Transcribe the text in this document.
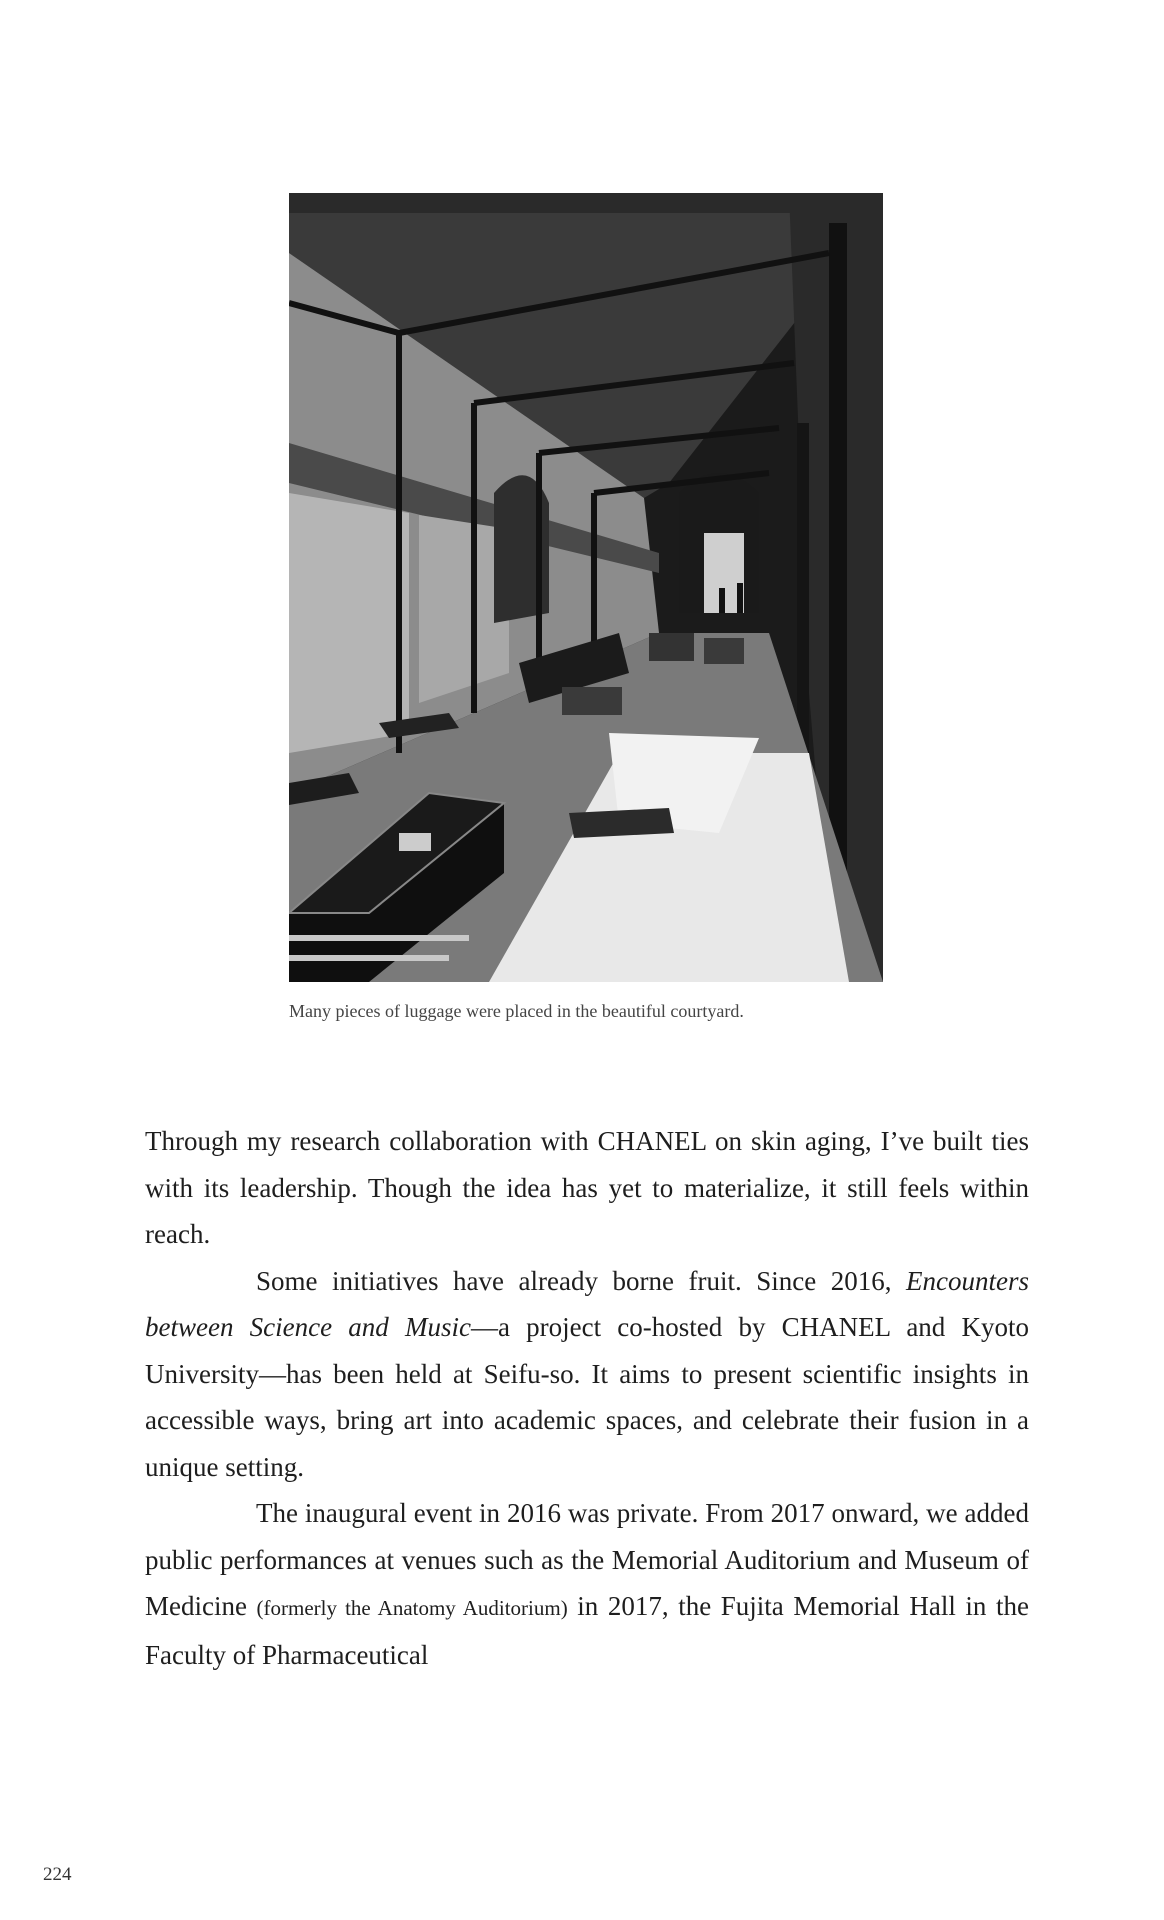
Many pieces of luggage were placed in the beautiful courtyard.

Through my research collaboration with CHANEL on skin aging, I’ve built ties with its leadership. Though the idea has yet to materialize, it still feels within reach.

Some initiatives have already borne fruit. Since 2016, Encounters between Science and Music—a project co-hosted by CHANEL and Kyoto University—has been held at Seifu-so. It aims to present scientific insights in accessible ways, bring art into academic spaces, and celebrate their fusion in a unique setting.

The inaugural event in 2016 was private. From 2017 onward, we added public performances at venues such as the Memorial Auditorium and Museum of Medicine (formerly the Anatomy Auditorium) in 2017, the Fujita Memorial Hall in the Faculty of Pharmaceutical

224
